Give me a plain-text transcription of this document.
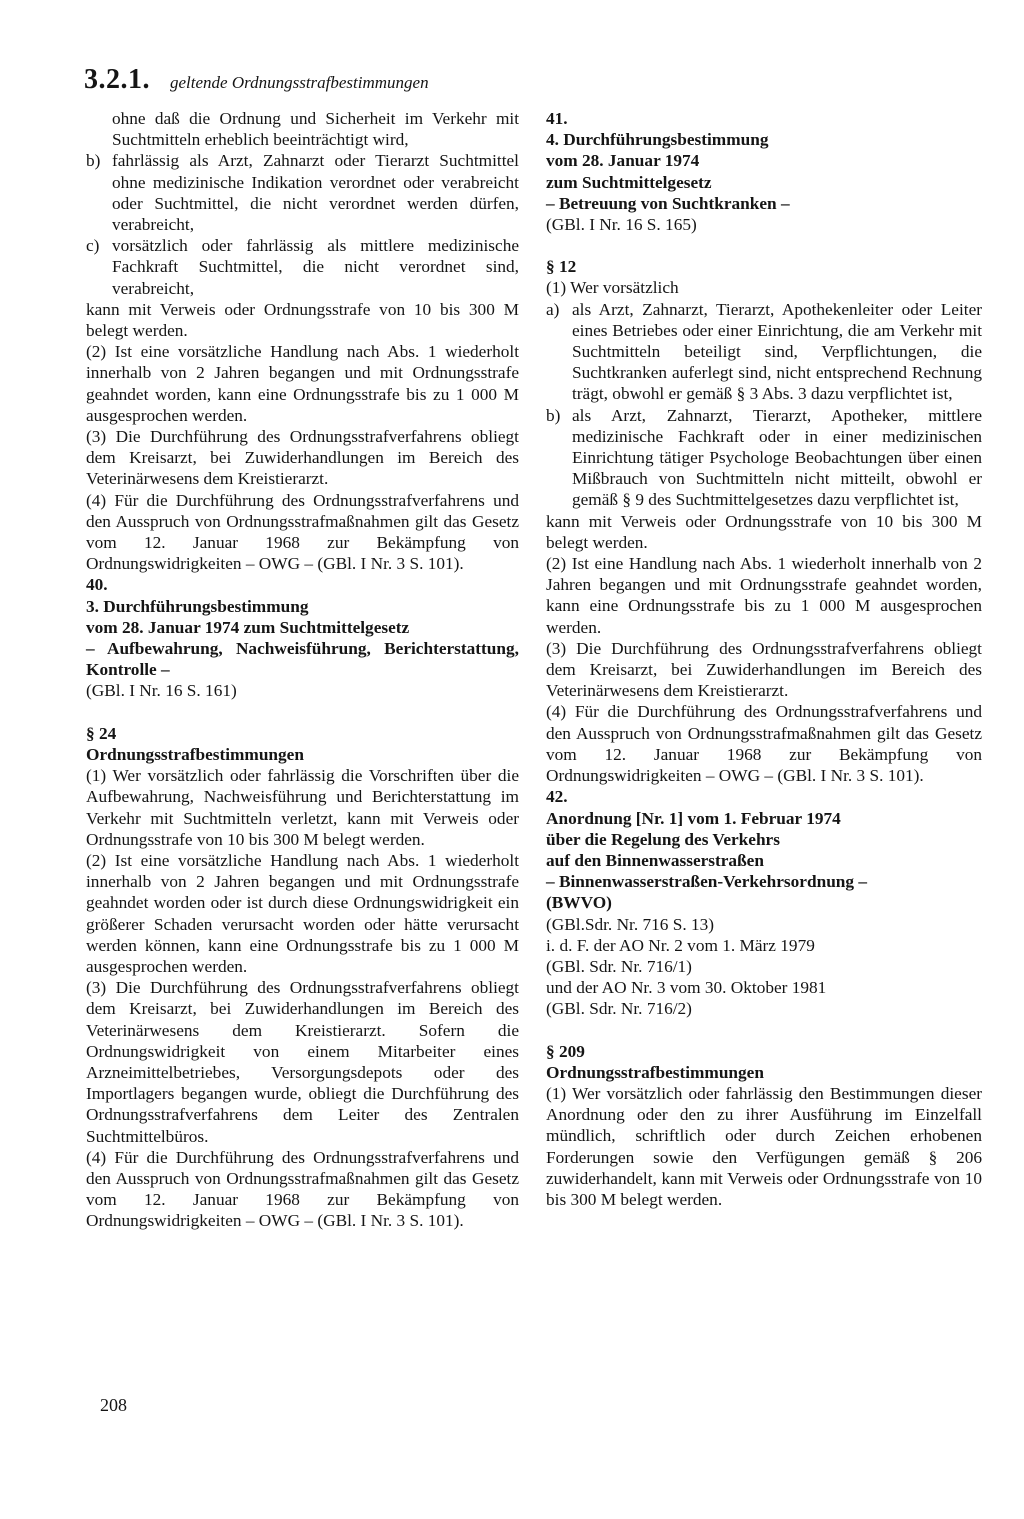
3.2.1. geltende Ordnungsstrafbestimmungen

ohne daß die Ordnung und Sicherheit im Verkehr mit Suchtmitteln erheblich beeinträchtigt wird,

b) fahrlässig als Arzt, Zahnarzt oder Tierarzt Suchtmittel ohne medizinische Indikation verordnet oder verabreicht oder Suchtmittel, die nicht verordnet werden dürfen, verabreicht,
c) vorsätzlich oder fahrlässig als mittlere medizinische Fachkraft Suchtmittel, die nicht verordnet sind, verabreicht,

kann mit Verweis oder Ordnungsstrafe von 10 bis 300 M belegt werden.

(2) Ist eine vorsätzliche Handlung nach Abs. 1 wiederholt innerhalb von 2 Jahren begangen und mit Ordnungsstrafe geahndet worden, kann eine Ordnungsstrafe bis zu 1 000 M ausgesprochen werden.

(3) Die Durchführung des Ordnungsstrafverfahrens obliegt dem Kreisarzt, bei Zuwiderhandlungen im Bereich des Veterinärwesens dem Kreistierarzt.

(4) Für die Durchführung des Ordnungsstrafverfahrens und den Ausspruch von Ordnungsstrafmaßnahmen gilt das Gesetz vom 12. Januar 1968 zur Bekämpfung von Ordnungswidrigkeiten – OWG – (GBl. I Nr. 3 S. 101).

40.

3. Durchführungsbestimmung

vom 28. Januar 1974 zum Suchtmittelgesetz

– Aufbewahrung, Nachweisführung, Berichterstattung, Kontrolle –

(GBl. I Nr. 16 S. 161)

§ 24

Ordnungsstrafbestimmungen

(1) Wer vorsätzlich oder fahrlässig die Vorschriften über die Aufbewahrung, Nachweisführung und Berichterstattung im Verkehr mit Suchtmitteln verletzt, kann mit Verweis oder Ordnungsstrafe von 10 bis 300 M belegt werden.

(2) Ist eine vorsätzliche Handlung nach Abs. 1 wiederholt innerhalb von 2 Jahren begangen und mit Ordnungsstrafe geahndet worden oder ist durch diese Ordnungswidrigkeit ein größerer Schaden verursacht worden oder hätte verursacht werden können, kann eine Ordnungsstrafe bis zu 1 000 M ausgesprochen werden.

(3) Die Durchführung des Ordnungsstrafverfahrens obliegt dem Kreisarzt, bei Zuwiderhandlungen im Bereich des Veterinärwesens dem Kreistierarzt. Sofern die Ordnungswidrigkeit von einem Mitarbeiter eines Arzneimittelbetriebes, Versorgungsdepots oder des Importlagers begangen wurde, obliegt die Durchführung des Ordnungsstrafverfahrens dem Leiter des Zentralen Suchtmittelbüros.

(4) Für die Durchführung des Ordnungsstrafverfahrens und den Ausspruch von Ordnungsstrafmaßnahmen gilt das Gesetz vom 12. Januar 1968 zur Bekämpfung von Ordnungswidrigkeiten – OWG – (GBl. I Nr. 3 S. 101).

41.

4. Durchführungsbestimmung

vom 28. Januar 1974

zum Suchtmittelgesetz

– Betreuung von Suchtkranken –

(GBl. I Nr. 16 S. 165)

§ 12

(1) Wer vorsätzlich

a) als Arzt, Zahnarzt, Tierarzt, Apothekenleiter oder Leiter eines Betriebes oder einer Einrichtung, die am Verkehr mit Suchtmitteln beteiligt sind, Verpflichtungen, die Suchtkranken auferlegt sind, nicht entsprechend Rechnung trägt, obwohl er gemäß § 3 Abs. 3 dazu verpflichtet ist,
b) als Arzt, Zahnarzt, Tierarzt, Apotheker, mittlere medizinische Fachkraft oder in einer medizinischen Einrichtung tätiger Psychologe Beobachtungen über einen Mißbrauch von Suchtmitteln nicht mitteilt, obwohl er gemäß § 9 des Suchtmittelgesetzes dazu verpflichtet ist,

kann mit Verweis oder Ordnungsstrafe von 10 bis 300 M belegt werden.

(2) Ist eine Handlung nach Abs. 1 wiederholt innerhalb von 2 Jahren begangen und mit Ordnungsstrafe geahndet worden, kann eine Ordnungsstrafe bis zu 1 000 M ausgesprochen werden.

(3) Die Durchführung des Ordnungsstrafverfahrens obliegt dem Kreisarzt, bei Zuwiderhandlungen im Bereich des Veterinärwesens dem Kreistierarzt.

(4) Für die Durchführung des Ordnungsstrafverfahrens und den Ausspruch von Ordnungsstrafmaßnahmen gilt das Gesetz vom 12. Januar 1968 zur Bekämpfung von Ordnungswidrigkeiten – OWG – (GBl. I Nr. 3 S. 101).

42.

Anordnung [Nr. 1] vom 1. Februar 1974

über die Regelung des Verkehrs

auf den Binnenwasserstraßen

– Binnenwasserstraßen-Verkehrsordnung –

(BWVO)

(GBl.Sdr. Nr. 716 S. 13)

i. d. F. der AO Nr. 2 vom 1. März 1979

(GBl. Sdr. Nr. 716/1)

und der AO Nr. 3 vom 30. Oktober 1981

(GBl. Sdr. Nr. 716/2)

§ 209

Ordnungsstrafbestimmungen

(1) Wer vorsätzlich oder fahrlässig den Bestimmungen dieser Anordnung oder den zu ihrer Ausführung im Einzelfall mündlich, schriftlich oder durch Zeichen erhobenen Forderungen sowie den Verfügungen gemäß § 206 zuwiderhandelt, kann mit Verweis oder Ordnungsstrafe von 10 bis 300 M belegt werden.

208
